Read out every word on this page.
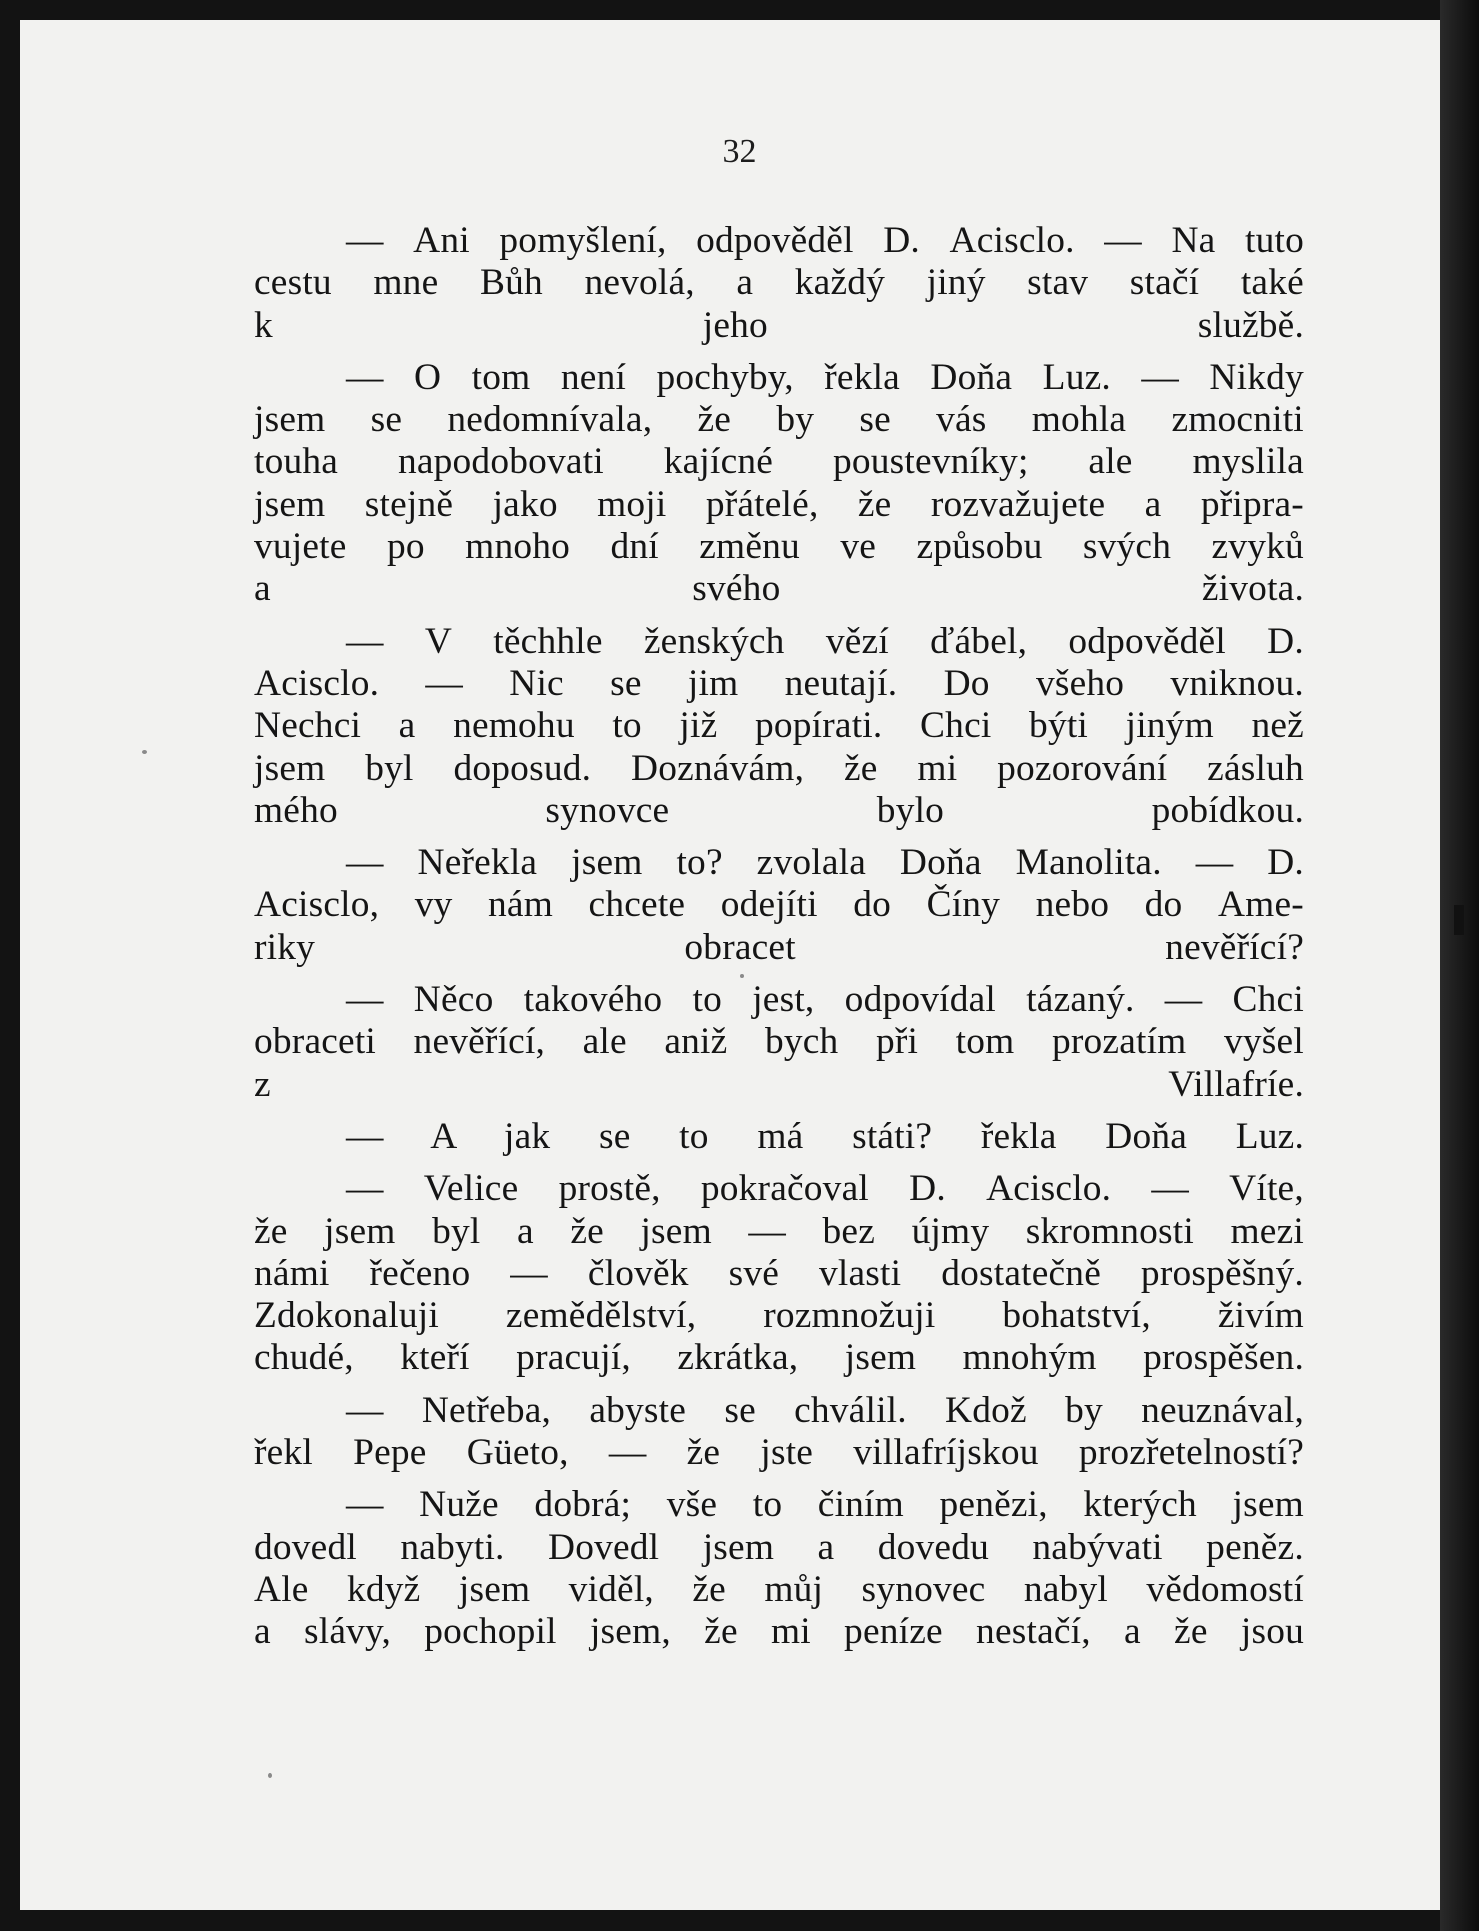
32
— Ani pomyšlení, odpověděl D. Acisclo. — Na tuto
cestu mne Bůh nevolá, a každý jiný stav stačí také
k jeho službě.
— O tom není pochyby, řekla Doňa Luz. — Nikdy
jsem se nedomnívala, že by se vás mohla zmocniti
touha napodobovati kajícné poustevníky; ale myslila
jsem stejně jako moji přátelé, že rozvažujete a připra-
vujete po mnoho dní změnu ve způsobu svých zvyků
a svého života.
— V těchhle ženských vězí ďábel, odpověděl D.
Acisclo. — Nic se jim neutají. Do všeho vniknou.
Nechci a nemohu to již popírati. Chci býti jiným než
jsem byl doposud. Doznávám, že mi pozorování zásluh
mého synovce bylo pobídkou.
— Neřekla jsem to? zvolala Doňa Manolita. — D.
Acisclo, vy nám chcete odejíti do Číny nebo do Ame-
riky obracet nevěřící?
— Něco takového to jest, odpovídal tázaný. — Chci
obraceti nevěřící, ale aniž bych při tom prozatím vyšel
z Villafríe.
— A jak se to má státi? řekla Doňa Luz.
— Velice prostě, pokračoval D. Acisclo. — Víte,
že jsem byl a že jsem — bez újmy skromnosti mezi
námi řečeno — člověk své vlasti dostatečně prospěšný.
Zdokonaluji zemědělství, rozmnožuji bohatství, živím
chudé, kteří pracují, zkrátka, jsem mnohým prospěšen.
— Netřeba, abyste se chválil. Kdož by neuznával,
řekl Pepe Güeto, — že jste villafríjskou prozřetelností?
— Nuže dobrá; vše to činím penězi, kterých jsem
dovedl nabyti. Dovedl jsem a dovedu nabývati peněz.
Ale když jsem viděl, že můj synovec nabyl vědomostí
a slávy, pochopil jsem, že mi peníze nestačí, a že jsou
